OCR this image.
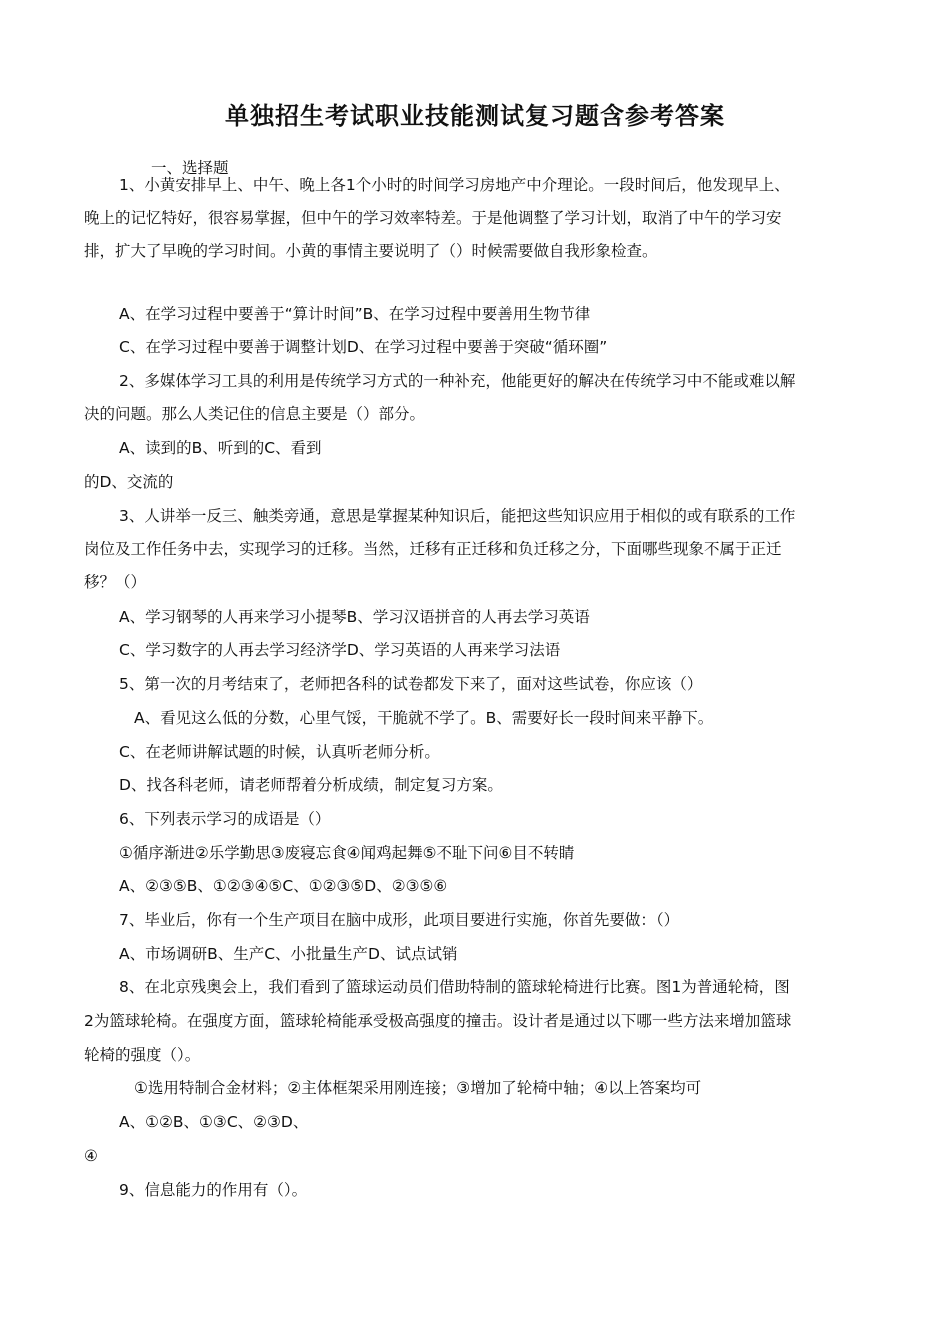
单独招生考试职业技能测试复习题含参考答案

一、选择题

1、小黄安排早上、中午、晚上各1个小时的时间学习房地产中介理论。一段时间后，他发现早上、

晚上的记忆特好，很容易掌握，但中午的学习效率特差。于是他调整了学习计划，取消了中午的学习安

排，扩大了早晚的学习时间。小黄的事情主要说明了（）时候需要做自我形象检查。

A、在学习过程中要善于“算计时间”B、在学习过程中要善用生物节律

C、在学习过程中要善于调整计划D、在学习过程中要善于突破“循环圈”

2、多媒体学习工具的利用是传统学习方式的一种补充，他能更好的解决在传统学习中不能或难以解

决的问题。那么人类记住的信息主要是（）部分。

A、读到的B、听到的C、看到

的D、交流的

3、人讲举一反三、触类旁通，意思是掌握某种知识后，能把这些知识应用于相似的或有联系的工作

岗位及工作任务中去，实现学习的迁移。当然，迁移有正迁移和负迁移之分，下面哪些现象不属于正迁

移？（）

A、学习钢琴的人再来学习小提琴B、学习汉语拼音的人再去学习英语

C、学习数字的人再去学习经济学D、学习英语的人再来学习法语

5、第一次的月考结束了，老师把各科的试卷都发下来了，面对这些试卷，你应该（）

A、看见这么低的分数，心里气馁，干脆就不学了。B、需要好长一段时间来平静下。

C、在老师讲解试题的时候，认真听老师分析。

D、找各科老师，请老师帮着分析成绩，制定复习方案。

6、下列表示学习的成语是（）

①循序渐进②乐学勤思③废寝忘食④闻鸡起舞⑤不耻下问⑥目不转睛

A、②③⑤B、①②③④⑤C、①②③⑤D、②③⑤⑥

7、毕业后，你有一个生产项目在脑中成形，此项目要进行实施，你首先要做：（）

A、市场调研B、生产C、小批量生产D、试点试销

8、在北京残奥会上，我们看到了篮球运动员们借助特制的篮球轮椅进行比赛。图1为普通轮椅，图

2为篮球轮椅。在强度方面，篮球轮椅能承受极高强度的撞击。设计者是通过以下哪一些方法来增加篮球

轮椅的强度（）。

①选用特制合金材料；②主体框架采用刚连接；③增加了轮椅中轴；④以上答案均可

A、①②B、①③C、②③D、

④

9、信息能力的作用有（）。
